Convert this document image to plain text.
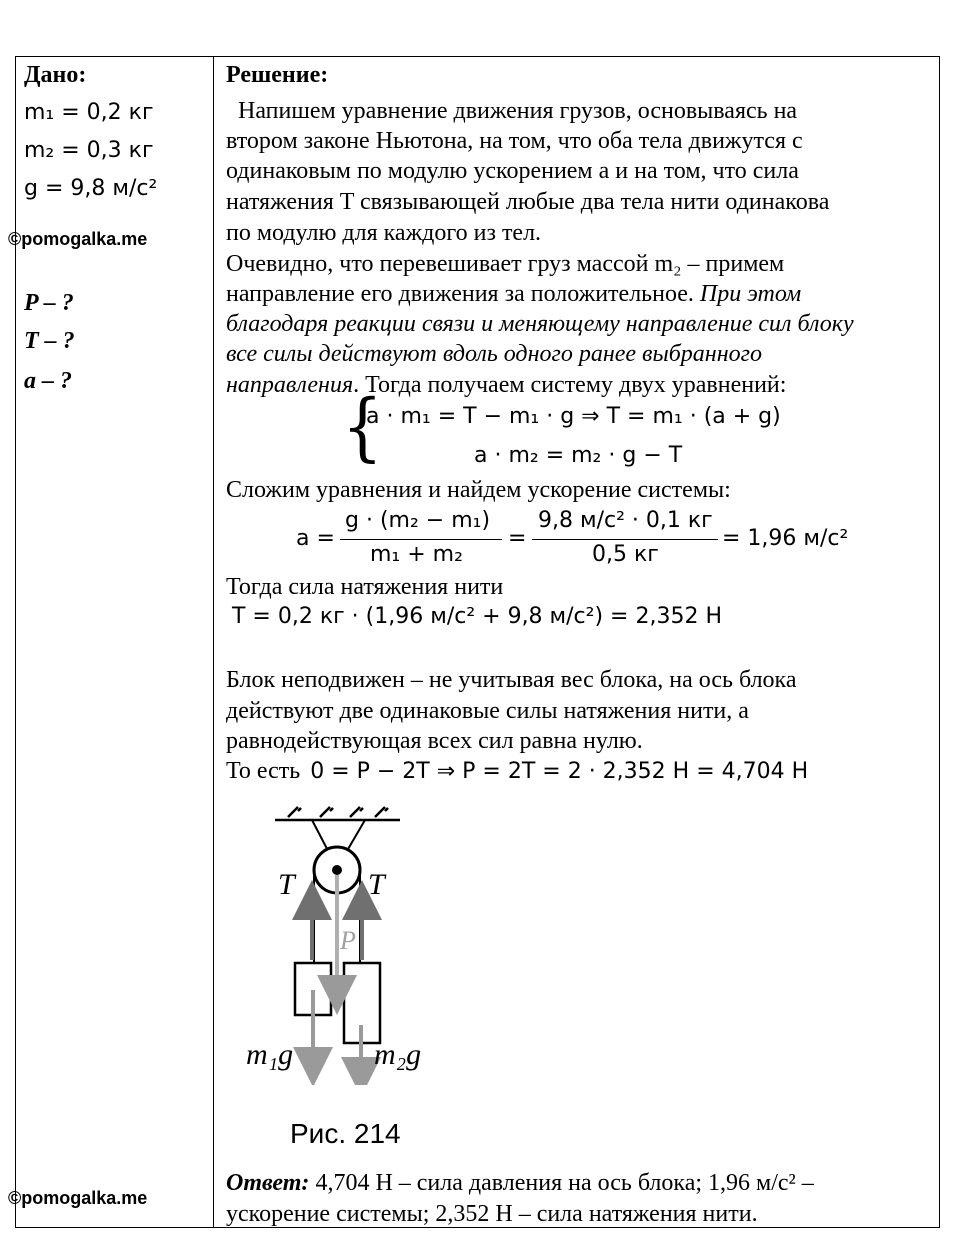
Дано:
m₁ = 0,2 кг
m₂ = 0,3 кг
g = 9,8 м/с²
©pomogalka.me
P – ?
T – ?
a – ?
©pomogalka.me
Решение:
Напишем уравнение движения грузов, основываясь на
втором законе Ньютона, на том, что оба тела движутся с
одинаковым по модулю ускорением а и на том, что сила
натяжения T связывающей любые два тела нити одинакова
по модулю для каждого из тел.
Очевидно, что перевешивает груз массой m₂ – примем
направление его движения за положительное. При этом
благодаря реакции связи и меняющему направление сил блоку
все силы действуют вдоль одного ранее выбранного
направления. Тогда получаем систему двух уравнений:
{
a · m₁ = T − m₁ · g ⇒ T = m₁ · (a + g)
a · m₂ = m₂ · g − T
Сложим уравнения и найдем ускорение системы:
a =
g · (m₂ − m₁)
m₁ + m₂
=
9,8 м/с² · 0,1 кг
0,5 кг
= 1,96 м/с²
Тогда сила натяжения нити
T = 0,2 кг · (1,96 м/с² + 9,8 м/с²) = 2,352 Н
Блок неподвижен – не учитывая вес блока, на ось блока
действуют две одинаковые силы натяжения нити, а
равнодействующая всех сил равна нулю.
То есть 0 = P − 2T ⇒ P = 2T = 2 · 2,352 Н = 4,704 Н
T T
P
m₁g	m₂g
Рис. 214
Ответ: 4,704 Н – сила давления на ось блока; 1,96 м/с² –
ускорение системы; 2,352 Н – сила натяжения нити.
